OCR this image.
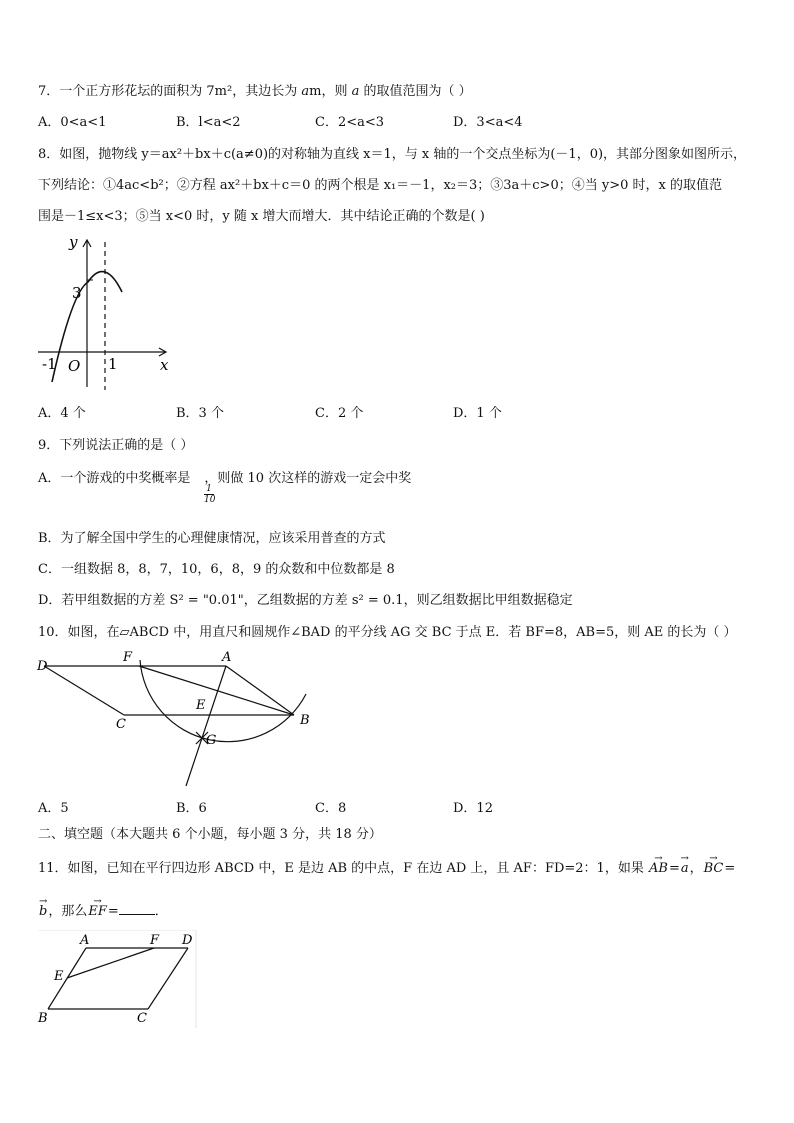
7．一个正方形花坛的面积为 7m²，其边长为 am，则 a 的取值范围为（ ）
A．0<a<1	B．l<a<2	C．2<a<3	D．3<a<4
8．如图，抛物线 y＝ax²＋bx＋c(a≠0)的对称轴为直线 x＝1，与 x 轴的一个交点坐标为(－1，0)，其部分图象如图所示，
下列结论：①4ac<b²；②方程 ax²＋bx＋c＝0 的两个根是 x₁＝－1，x₂＝3；③3a＋c>0；④当 y>0 时，x 的取值范
围是－1≤x<3；⑤当 x<0 时，y 随 x 增大而增大．其中结论正确的个数是( )
y
x
3
-1 O 1
A．4 个	B．3 个	C．2 个	D．1 个
9．下列说法正确的是（ ）
A．一个游戏的中奖概率是 ，则做 10 次这样的游戏一定会中奖
$\frac{1}{10}$
B．为了解全国中学生的心理健康情况，应该采用普查的方式
C．一组数据 8，8，7，10，6，8，9 的众数和中位数都是 8
D．若甲组数据的方差 S² = "0.01"，乙组数据的方差 s² = 0.1，则乙组数据比甲组数据稳定
10．如图，在▱ABCD 中，用直尺和圆规作∠BAD 的平分线 AG 交 BC 于点 E．若 BF=8，AB=5，则 AE 的长为（ ）
D
F	A
E
C	B
G
A．5	B．6	C．8	D．12
二、填空题（本大题共 6 个小题，每小题 3 分，共 18 分）
11．如图，已知在平行四边形 ABCD 中，E 是边 AB 的中点，F 在边 AD 上，且 AF：FD=2：1，如果 → AB=→ a，→ BC=
→ b，那么→ EF=	．
A	F D
E
B	C
